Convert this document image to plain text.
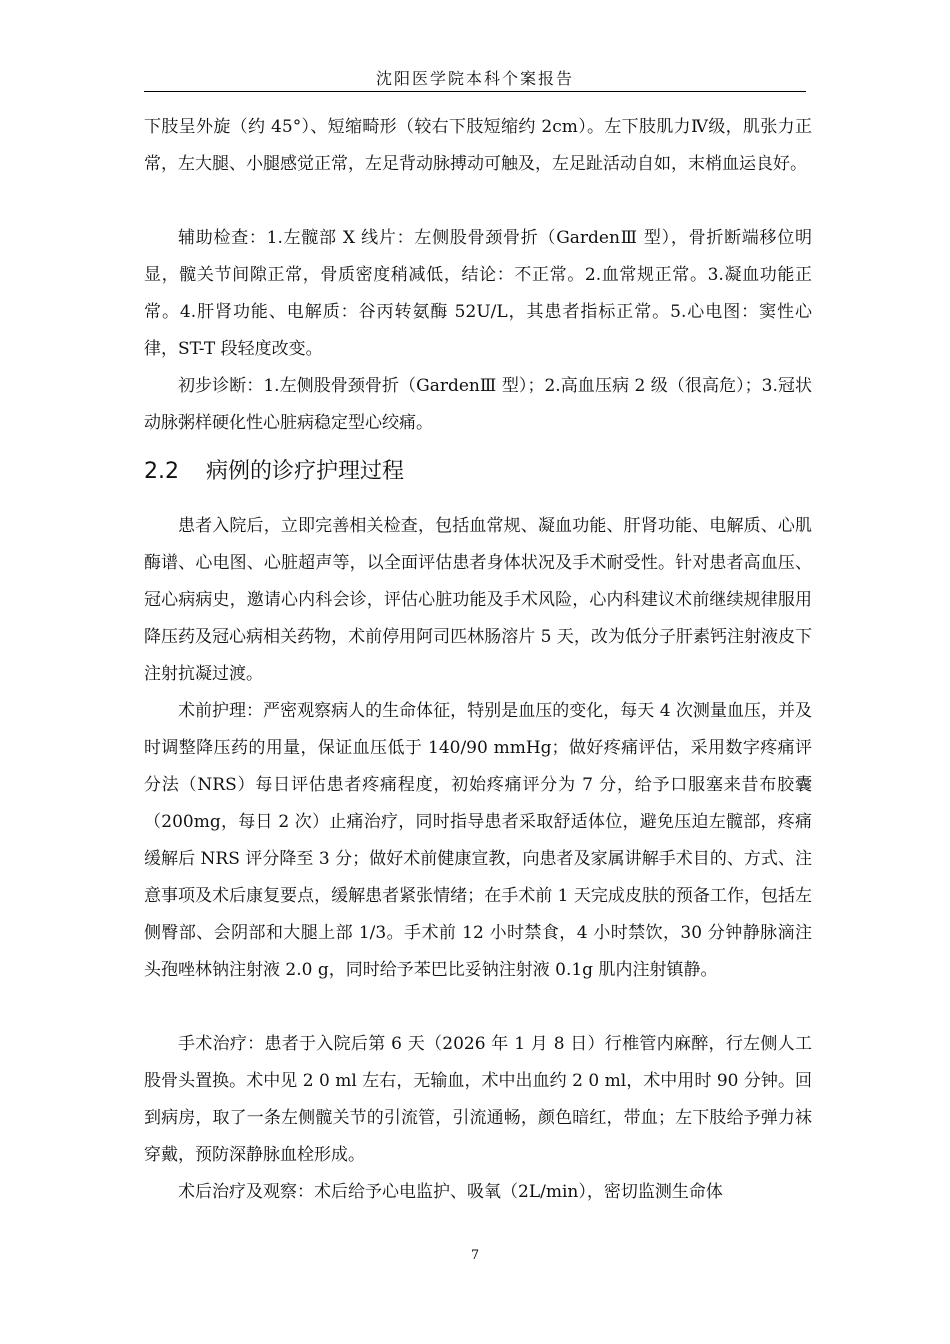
沈阳医学院本科个案报告

下肢呈外旋（约 45°）、短缩畸形（较右下肢短缩约 2cm）。左下肢肌力Ⅳ级，肌张力正常，左大腿、小腿感觉正常，左足背动脉搏动可触及，左足趾活动自如，末梢血运良好。

辅助检查：1.左髋部 X 线片：左侧股骨颈骨折（GardenⅢ 型），骨折断端移位明显，髋关节间隙正常，骨质密度稍减低，结论：不正常。2.血常规正常。3.凝血功能正常。4.肝肾功能、电解质：谷丙转氨酶 52U/L，其患者指标正常。5.心电图：窦性心律，ST-T 段轻度改变。

初步诊断：1.左侧股骨颈骨折（GardenⅢ 型）；2.高血压病 2 级（很高危）；3.冠状动脉粥样硬化性心脏病稳定型心绞痛。

2.2 病例的诊疗护理过程

患者入院后，立即完善相关检查，包括血常规、凝血功能、肝肾功能、电解质、心肌酶谱、心电图、心脏超声等，以全面评估患者身体状况及手术耐受性。针对患者高血压、冠心病病史，邀请心内科会诊，评估心脏功能及手术风险，心内科建议术前继续规律服用降压药及冠心病相关药物，术前停用阿司匹林肠溶片 5 天，改为低分子肝素钙注射液皮下注射抗凝过渡。

术前护理：严密观察病人的生命体征，特别是血压的变化，每天 4 次测量血压，并及时调整降压药的用量，保证血压低于 140/90 mmHg；做好疼痛评估，采用数字疼痛评分法（NRS）每日评估患者疼痛程度，初始疼痛评分为 7 分，给予口服塞来昔布胶囊（200mg，每日 2 次）止痛治疗，同时指导患者采取舒适体位，避免压迫左髋部，疼痛缓解后 NRS 评分降至 3 分；做好术前健康宣教，向患者及家属讲解手术目的、方式、注意事项及术后康复要点，缓解患者紧张情绪；在手术前 1 天完成皮肤的预备工作，包括左侧臀部、会阴部和大腿上部 1/3。手术前 12 小时禁食，4 小时禁饮，30 分钟静脉滴注头孢唑林钠注射液 2.0 g，同时给予苯巴比妥钠注射液 0.1g 肌内注射镇静。

手术治疗：患者于入院后第 6 天（2026 年 1 月 8 日）行椎管内麻醉，行左侧人工股骨头置换。术中见 2 0 ml 左右，无输血，术中出血约 2 0 ml，术中用时 90 分钟。回到病房，取了一条左侧髋关节的引流管，引流通畅，颜色暗红，带血；左下肢给予弹力袜穿戴，预防深静脉血栓形成。

术后治疗及观察：术后给予心电监护、吸氧（2L/min），密切监测生命体

7
